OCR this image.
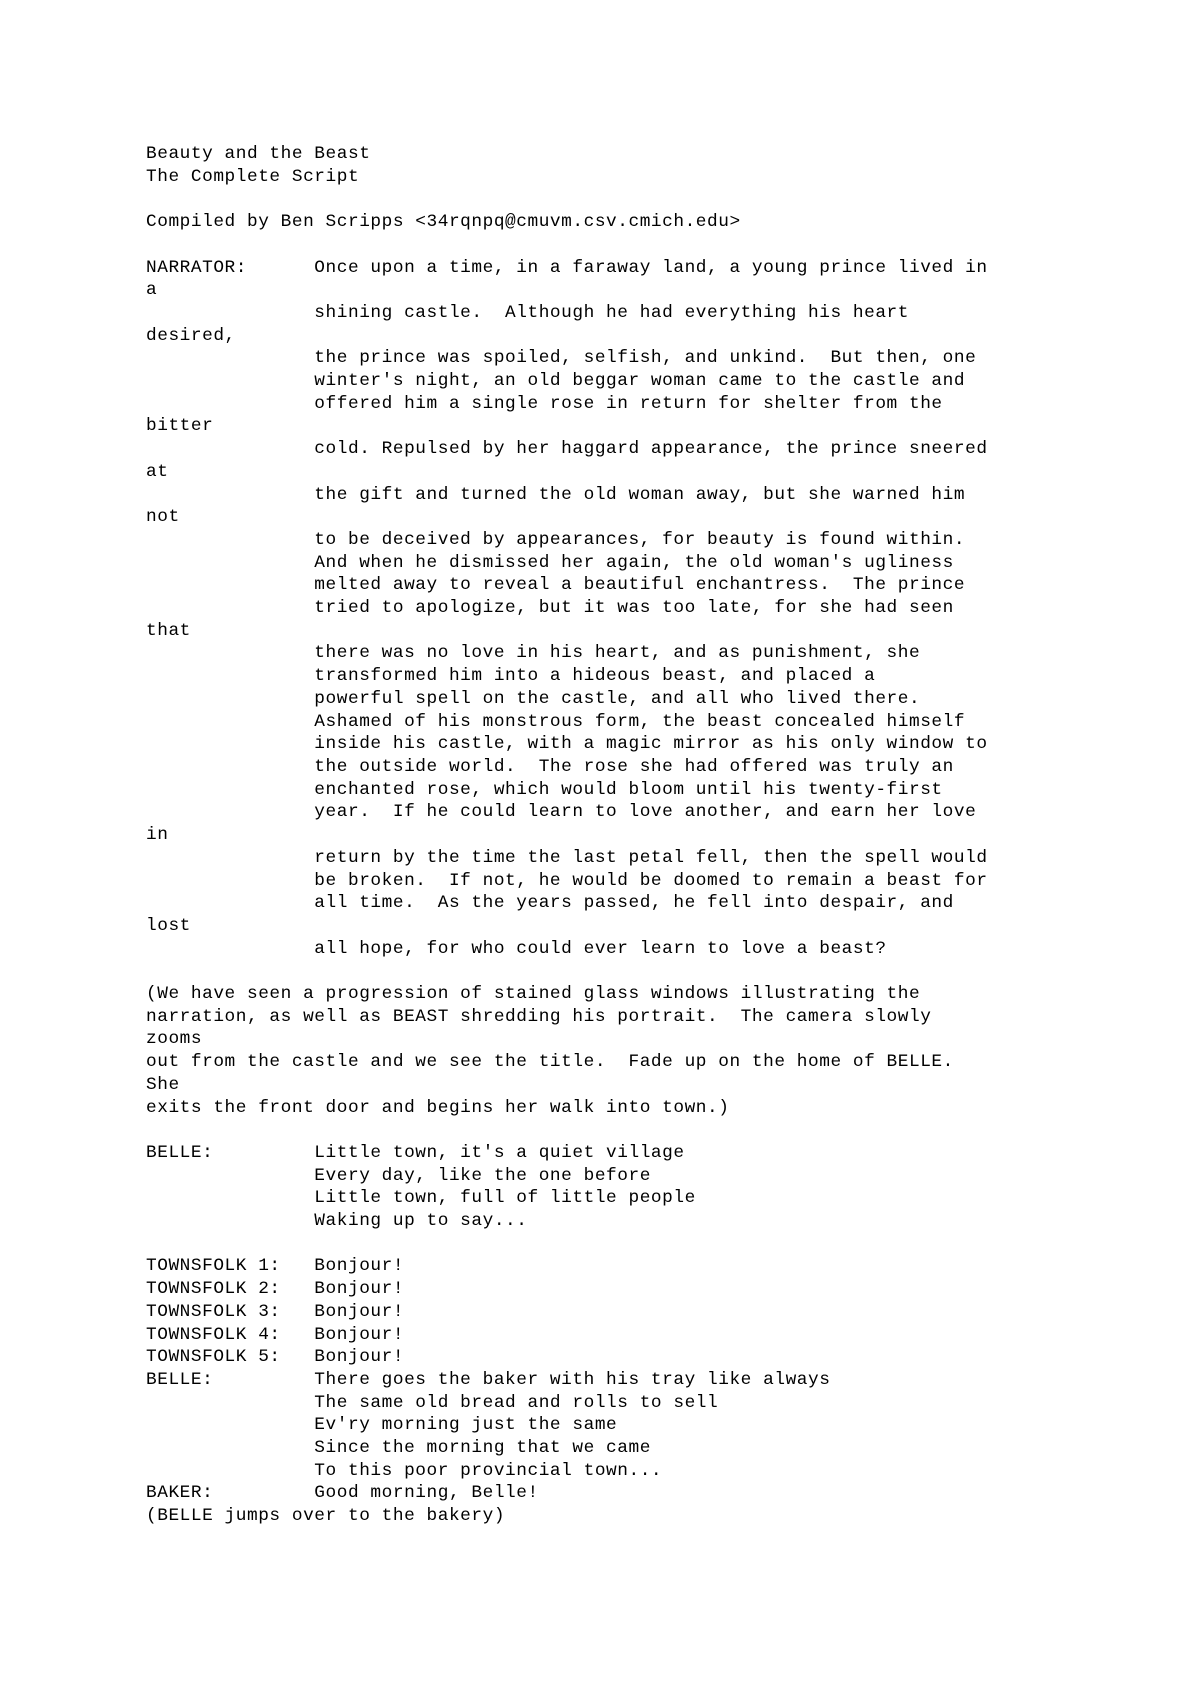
Beauty and the Beast
The Complete Script

Compiled by Ben Scripps <34rqnpq@cmuvm.csv.cmich.edu>

NARRATOR:      Once upon a time, in a faraway land, a young prince lived in
a
shining castle.  Although he had everything his heart
desired,
the prince was spoiled, selfish, and unkind.  But then, one
winter's night, an old beggar woman came to the castle and
offered him a single rose in return for shelter from the
bitter
cold. Repulsed by her haggard appearance, the prince sneered
at
the gift and turned the old woman away, but she warned him
not
to be deceived by appearances, for beauty is found within.
And when he dismissed her again, the old woman's ugliness
melted away to reveal a beautiful enchantress.  The prince
tried to apologize, but it was too late, for she had seen
that
there was no love in his heart, and as punishment, she
transformed him into a hideous beast, and placed a
powerful spell on the castle, and all who lived there.
Ashamed of his monstrous form, the beast concealed himself
inside his castle, with a magic mirror as his only window to
the outside world.  The rose she had offered was truly an
enchanted rose, which would bloom until his twenty-first
year.  If he could learn to love another, and earn her love
in
return by the time the last petal fell, then the spell would
be broken.  If not, he would be doomed to remain a beast for
all time.  As the years passed, he fell into despair, and
lost
all hope, for who could ever learn to love a beast?

(We have seen a progression of stained glass windows illustrating the
narration, as well as BEAST shredding his portrait.  The camera slowly
zooms
out from the castle and we see the title.  Fade up on the home of BELLE.
She
exits the front door and begins her walk into town.)

BELLE:         Little town, it's a quiet village
Every day, like the one before
Little town, full of little people
Waking up to say...

TOWNSFOLK 1:   Bonjour!
TOWNSFOLK 2:   Bonjour!
TOWNSFOLK 3:   Bonjour!
TOWNSFOLK 4:   Bonjour!
TOWNSFOLK 5:   Bonjour!
BELLE:         There goes the baker with his tray like always
The same old bread and rolls to sell
Ev'ry morning just the same
Since the morning that we came
To this poor provincial town...
BAKER:         Good morning, Belle!
(BELLE jumps over to the bakery)
